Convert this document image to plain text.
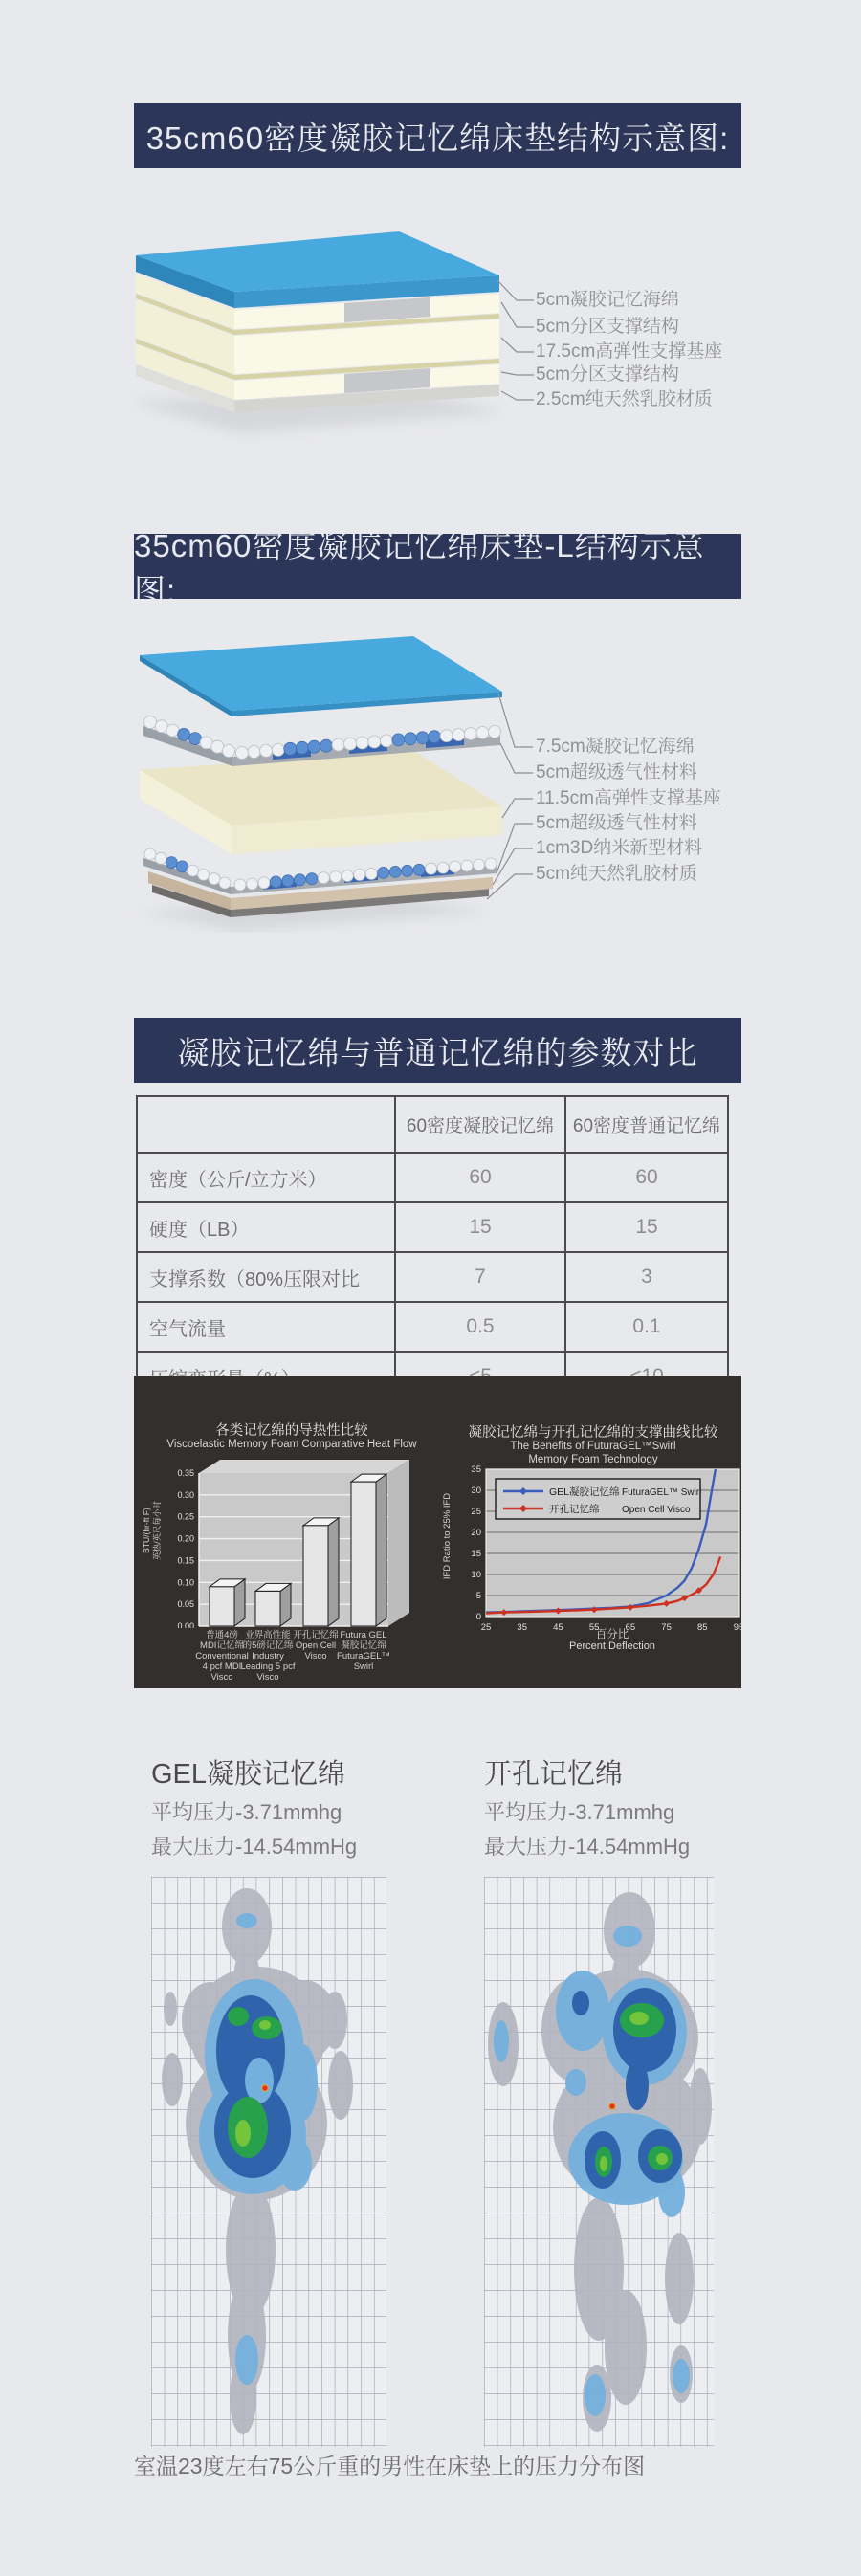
35cm60密度凝胶记忆绵床垫结构示意图:
5cm凝胶记忆海绵
5cm分区支撑结构
17.5cm高弹性支撑基座
5cm分区支撑结构
2.5cm纯天然乳胶材质
35cm60密度凝胶记忆绵床垫-L结构示意图:
7.5cm凝胶记忆海绵
5cm超级透气性材料
11.5cm高弹性支撑基座
5cm超级透气性材料
1cm3D纳米新型材料
5cm纯天然乳胶材质
凝胶记忆绵与普通记忆绵的参数对比
	60密度凝胶记忆绵	60密度普通记忆绵
密度（公斤/立方米）	60	60
硬度（LB）	15	15
支撑系数（80%压限对比	7	3
空气流量	0.5	0.1

各类记忆绵的导热性比较
Viscoelastic Memory Foam Comparative Heat Flow
BTU/(hr-ft F) 英热/英尺每小时
0.35
0.30
0.25
0.20
0.15
0.10
0.05
0.00
普通4磅
MDI记忆绵
Conventional
4 pcf MDI
Visco
业界高性能
的5磅记忆绵
Industry
Leading 5 pcf
Visco
开孔记忆绵
Open Cell
Visco
Futura GEL
凝胶记忆绵
FuturaGEL™
Swirl
凝胶记忆绵与开孔记忆绵的支撑曲线比较
The Benefits of FuturaGEL™Swirl
Memory Foam Technology
IFD Ratio to 25% IFD
0
5
10
15
20
25
30
35
25	35	45	55	65	75	85	95
GEL凝胶记忆绵 FuturaGEL™ Swirl
开孔记忆绵 Open Cell Visco
百分比
Percent Deflection
GEL凝胶记忆绵
平均压力-3.71mmhg
最大压力-14.54mmHg
开孔记忆绵
平均压力-3.71mmhg
最大压力-14.54mmHg
室温23度左右75公斤重的男性在床垫上的压力分布图
